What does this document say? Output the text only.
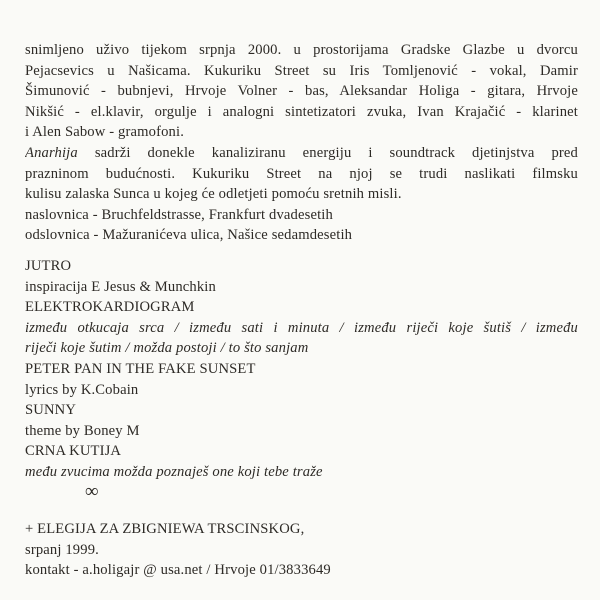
snimljeno uživo tijekom srpnja 2000. u prostorijama Gradske Glazbe u dvorcu
Pejacsevics u Našicama. Kukuriku Street su Iris Tomljenović - vokal, Damir
Šimunović - bubnjevi, Hrvoje Volner - bas, Aleksandar Holiga - gitara, Hrvoje
Nikšić - el.klavir, orgulje i analogni sintetizatori zvuka, Ivan Krajačić - klarinet
i Alen Sabow - gramofoni.
Anarhija sadrži donekle kanaliziranu energiju i soundtrack djetinjstva pred
prazninom budućnosti. Kukuriku Street na njoj se trudi naslikati filmsku
kulisu zalaska Sunca u kojeg će odletjeti pomoću sretnih misli.
naslovnica - Bruchfeldstrasse, Frankfurt dvadesetih
odslovnica - Mažuranićeva ulica, Našice sedamdesetih
JUTRO
inspiracija E Jesus & Munchkin
ELEKTROKARDIOGRAM
između otkucaja srca / između sati i minuta / između riječi koje šutiš / između
riječi koje šutim / možda postoji / to što sanjam
PETER PAN IN THE FAKE SUNSET
lyrics by K.Cobain
SUNNY
theme by Boney M
CRNA KUTIJA
među zvucima možda poznaješ one koji tebe traže
∞
+ ELEGIJA ZA ZBIGNIEWA TRSCINSKOG,
srpanj 1999.
kontakt - a.holigajr @ usa.net / Hrvoje 01/3833649
